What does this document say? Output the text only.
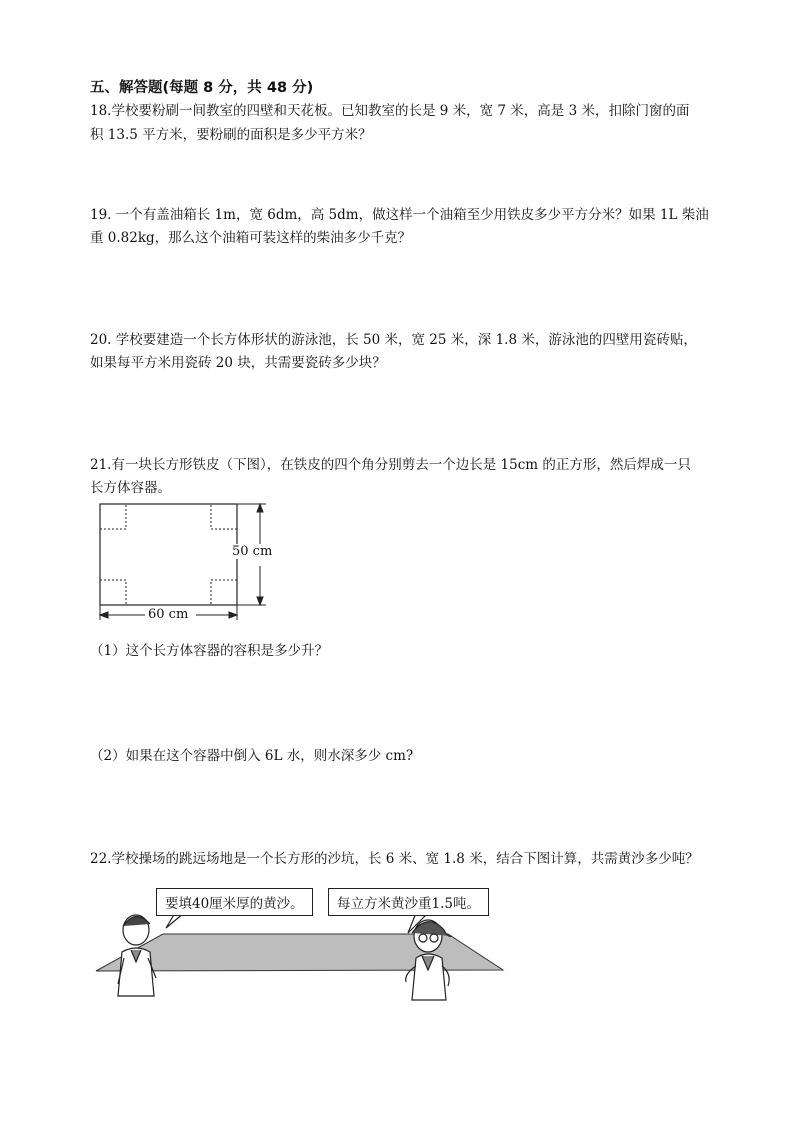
五、解答题(每题 8 分，共 48 分)
18.学校要粉刷一间教室的四壁和天花板。已知教室的长是 9 米，宽 7 米，高是 3 米，扣除门窗的面
积 13.5 平方米，要粉刷的面积是多少平方米？
19. 一个有盖油箱长 1m，宽 6dm，高 5dm，做这样一个油箱至少用铁皮多少平方分米？如果 1L 柴油
重 0.82kg，那么这个油箱可装这样的柴油多少千克？
20. 学校要建造一个长方体形状的游泳池，长 50 米，宽 25 米，深 1.8 米，游泳池的四壁用瓷砖贴，
如果每平方米用瓷砖 20 块，共需要瓷砖多少块？
21.有一块长方形铁皮（下图），在铁皮的四个角分别剪去一个边长是 15cm 的正方形，然后焊成一只
长方体容器。
50 cm
60 cm
（1）这个长方体容器的容积是多少升？
（2）如果在这个容器中倒入 6L 水，则水深多少 cm?
22.学校操场的跳远场地是一个长方形的沙坑，长 6 米、宽 1.8 米，结合下图计算，共需黄沙多少吨？
要填40厘米厚的黄沙。	每立方米黄沙重1.5吨。
